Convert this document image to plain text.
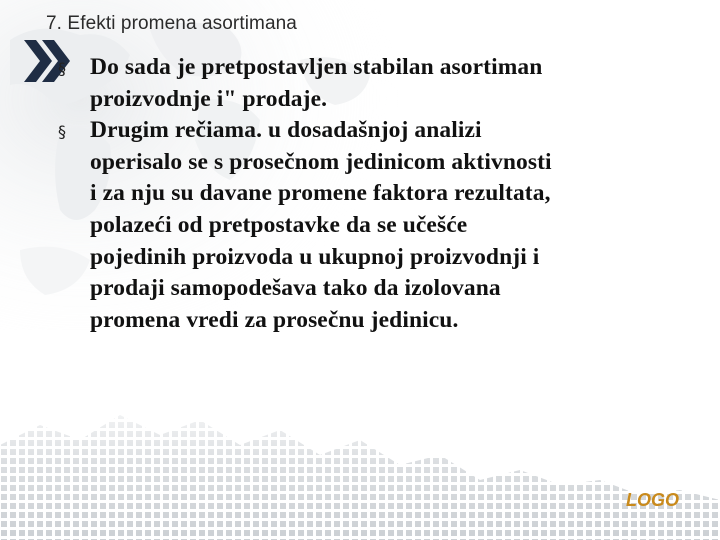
7. Efekti promena asortimana
§ Do sada je pretpostavljen stabilan asortiman
proizvodnje i" prodaje.
§ Drugim rečiama. u dosadašnjoj analizi
operisalo se s prosečnom jedinicom aktivnosti
i za nju su davane promene faktora rezultata,
polazeći od pretpostavke da se učešće
pojedinih proizvoda u ukupnoj proizvodnji i
prodaji samopodešava tako da izolovana
promena vredi za prosečnu jedinicu.
LOGO
